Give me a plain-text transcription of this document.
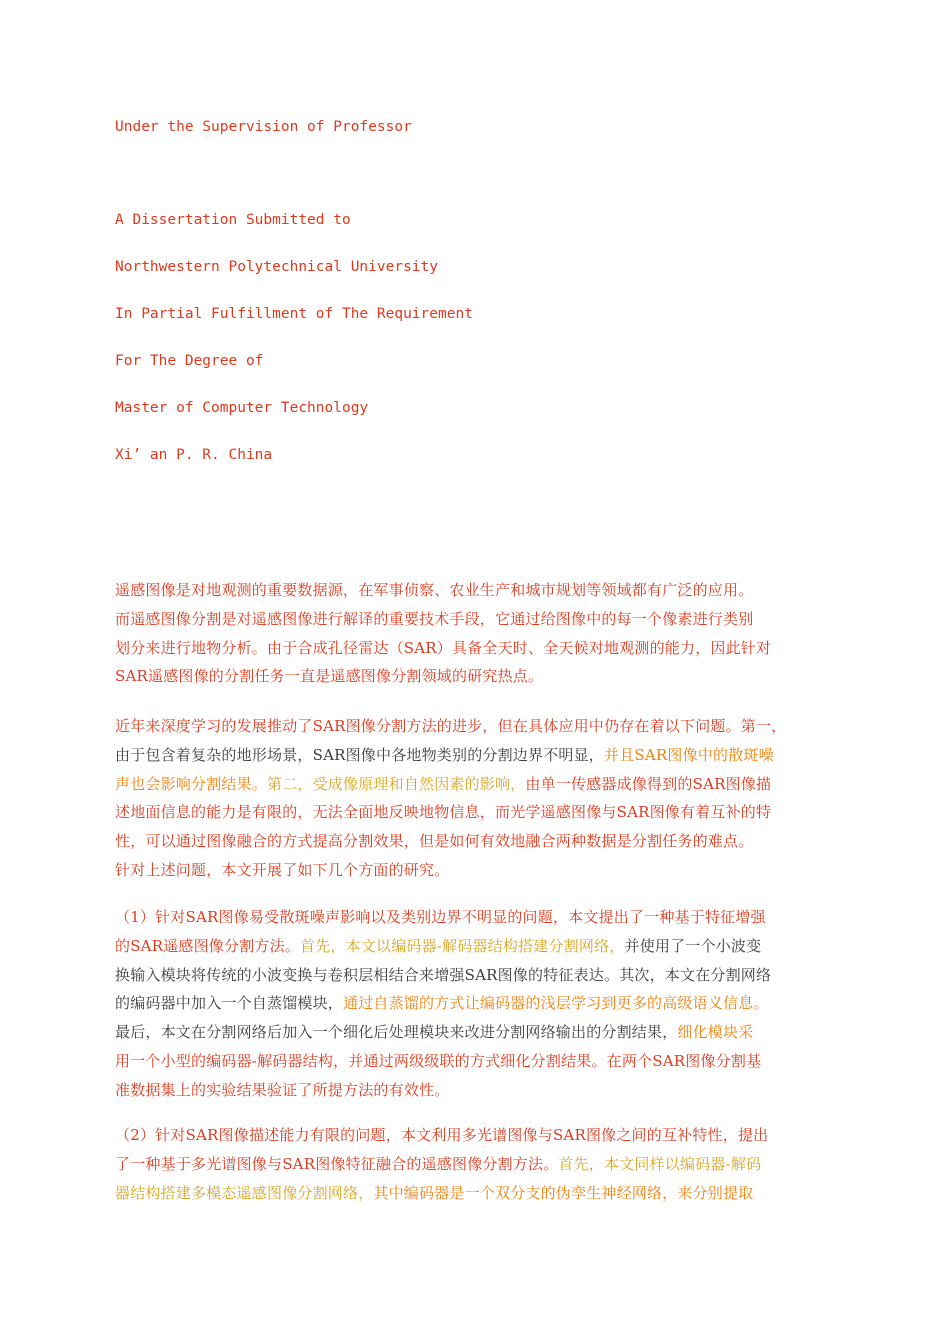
Under the Supervision of Professor
A Dissertation Submitted to
Northwestern Polytechnical University
In Partial Fulfillment of The Requirement
For The Degree of
Master of Computer Technology
Xi’ an P. R. China
遥感图像是对地观测的重要数据源，在军事侦察、农业生产和城市规划等领域都有广泛的应用。
而遥感图像分割是对遥感图像进行解译的重要技术手段，它通过给图像中的每一个像素进行类别
划分来进行地物分析。由于合成孔径雷达（SAR）具备全天时、全天候对地观测的能力，因此针对
SAR遥感图像的分割任务一直是遥感图像分割领域的研究热点。
近年来深度学习的发展推动了SAR图像分割方法的进步，但在具体应用中仍存在着以下问题。第一，
由于包含着复杂的地形场景，SAR图像中各地物类别的分割边界不明显，并且SAR图像中的散斑噪
声也会影响分割结果。第二，受成像原理和自然因素的影响，由单一传感器成像得到的SAR图像描
述地面信息的能力是有限的，无法全面地反映地物信息，而光学遥感图像与SAR图像有着互补的特
性，可以通过图像融合的方式提高分割效果，但是如何有效地融合两种数据是分割任务的难点。
针对上述问题，本文开展了如下几个方面的研究。
（1）针对SAR图像易受散斑噪声影响以及类别边界不明显的问题，本文提出了一种基于特征增强
的SAR遥感图像分割方法。首先，本文以编码器-解码器结构搭建分割网络，并使用了一个小波变
换输入模块将传统的小波变换与卷积层相结合来增强SAR图像的特征表达。其次，本文在分割网络
的编码器中加入一个自蒸馏模块，通过自蒸馏的方式让编码器的浅层学习到更多的高级语义信息。
最后，本文在分割网络后加入一个细化后处理模块来改进分割网络输出的分割结果，细化模块采
用一个小型的编码器-解码器结构，并通过两级级联的方式细化分割结果。在两个SAR图像分割基
准数据集上的实验结果验证了所提方法的有效性。
（2）针对SAR图像描述能力有限的问题，本文利用多光谱图像与SAR图像之间的互补特性，提出
了一种基于多光谱图像与SAR图像特征融合的遥感图像分割方法。首先，本文同样以编码器-解码
器结构搭建多模态遥感图像分割网络，其中编码器是一个双分支的伪孪生神经网络，来分别提取
